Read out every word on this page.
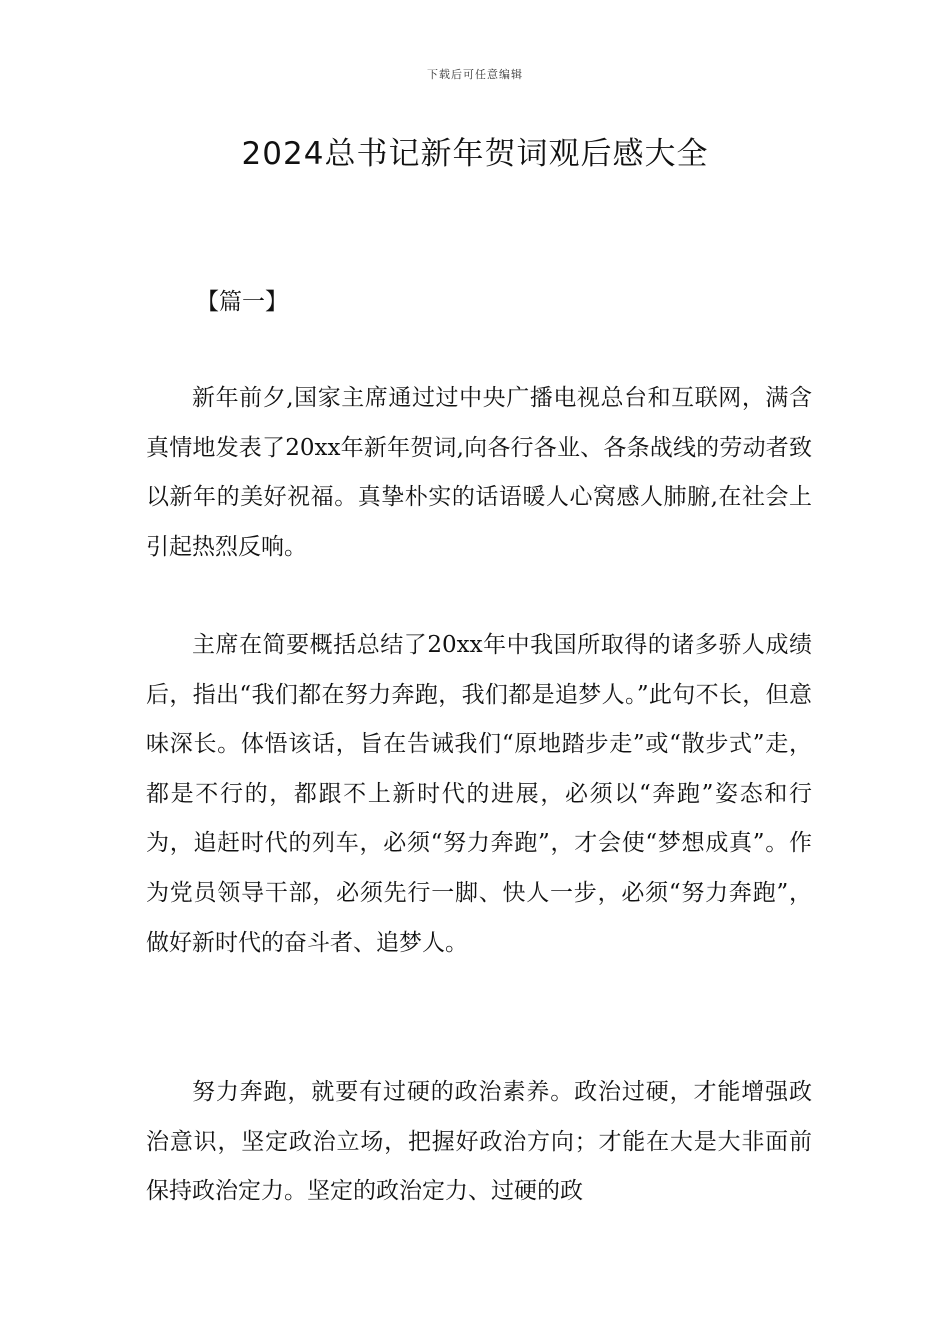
下载后可任意编辑
2024总书记新年贺词观后感大全
【篇一】

新年前夕,国家主席通过过中央广播电视总台和互联网，满含真情地发表了20xx年新年贺词,向各行各业、各条战线的劳动者致以新年的美好祝福。真挚朴实的话语暖人心窝感人肺腑,在社会上引起热烈反响。

主席在简要概括总结了20xx年中我国所取得的诸多骄人成绩后，指出“我们都在努力奔跑，我们都是追梦人。”此句不长，但意味深长。体悟该话，旨在告诫我们“原地踏步走”或“散步式”走，都是不行的，都跟不上新时代的进展，必须以“奔跑”姿态和行为，追赶时代的列车，必须“努力奔跑”，才会使“梦想成真”。作为党员领导干部，必须先行一脚、快人一步，必须“努力奔跑”，做好新时代的奋斗者、追梦人。

努力奔跑，就要有过硬的政治素养。政治过硬，才能增强政治意识，坚定政治立场，把握好政治方向；才能在大是大非面前保持政治定力。坚定的政治定力、过硬的政
